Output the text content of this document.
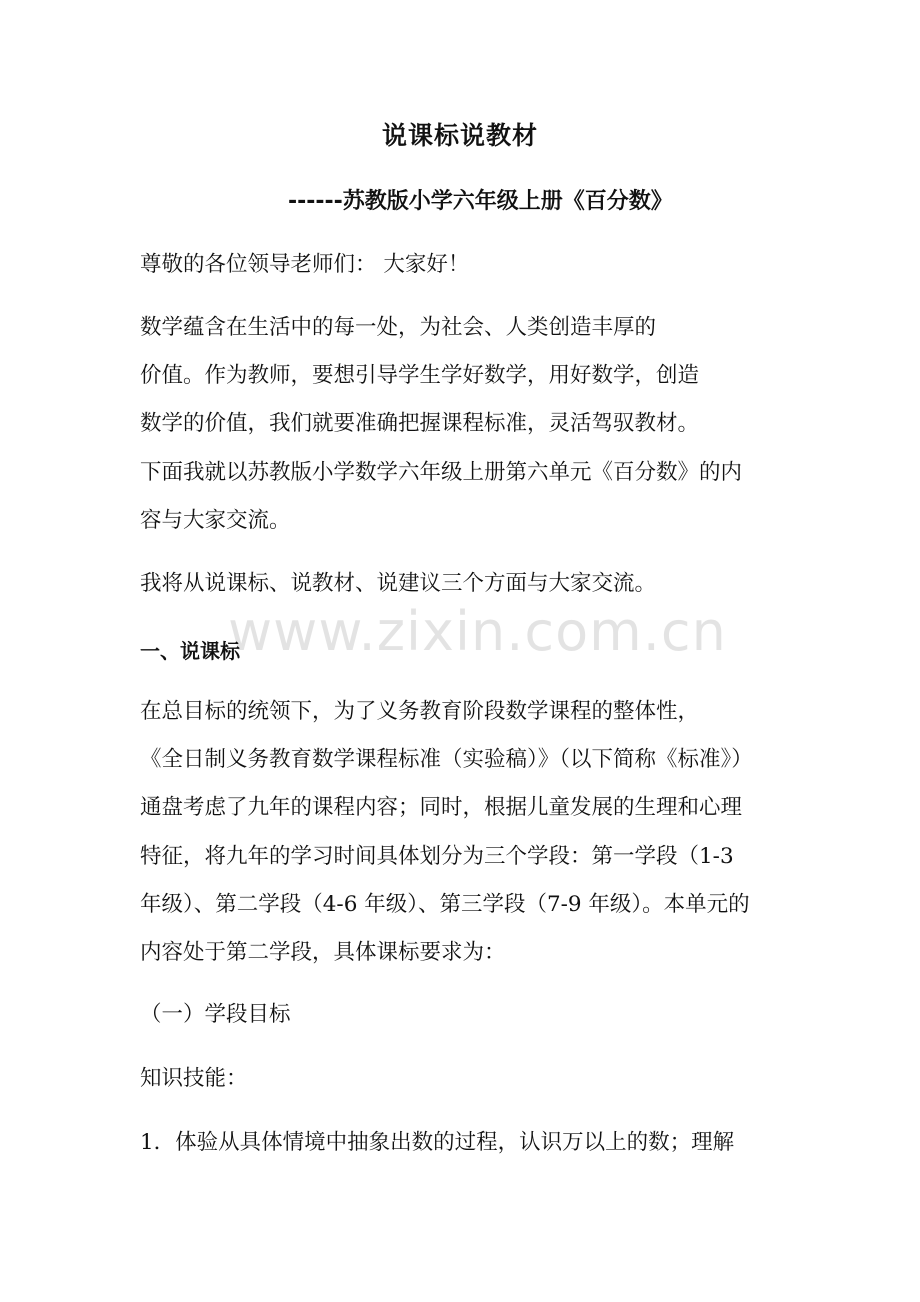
说课标说教材
------苏教版小学六年级上册《百分数》
尊敬的各位领导老师们： 大家好！
数学蕴含在生活中的每一处，为社会、人类创造丰厚的
价值。作为教师，要想引导学生学好数学，用好数学，创造
数学的价值，我们就要准确把握课程标准，灵活驾驭教材。
下面我就以苏教版小学数学六年级上册第六单元《百分数》的内
容与大家交流。
我将从说课标、说教材、说建议三个方面与大家交流。
一、说课标
在总目标的统领下，为了义务教育阶段数学课程的整体性，
《全日制义务教育数学课程标准（实验稿）》（以下简称《标准》）
通盘考虑了九年的课程内容；同时，根据儿童发展的生理和心理
特征，将九年的学习时间具体划分为三个学段：第一学段（1-3
年级）、第二学段（4-6 年级）、第三学段（7-9 年级）。本单元的
内容处于第二学段，具体课标要求为：
（一）学段目标
知识技能：
1．体验从具体情境中抽象出数的过程，认识万以上的数；理解
www.zixin.com.cn
